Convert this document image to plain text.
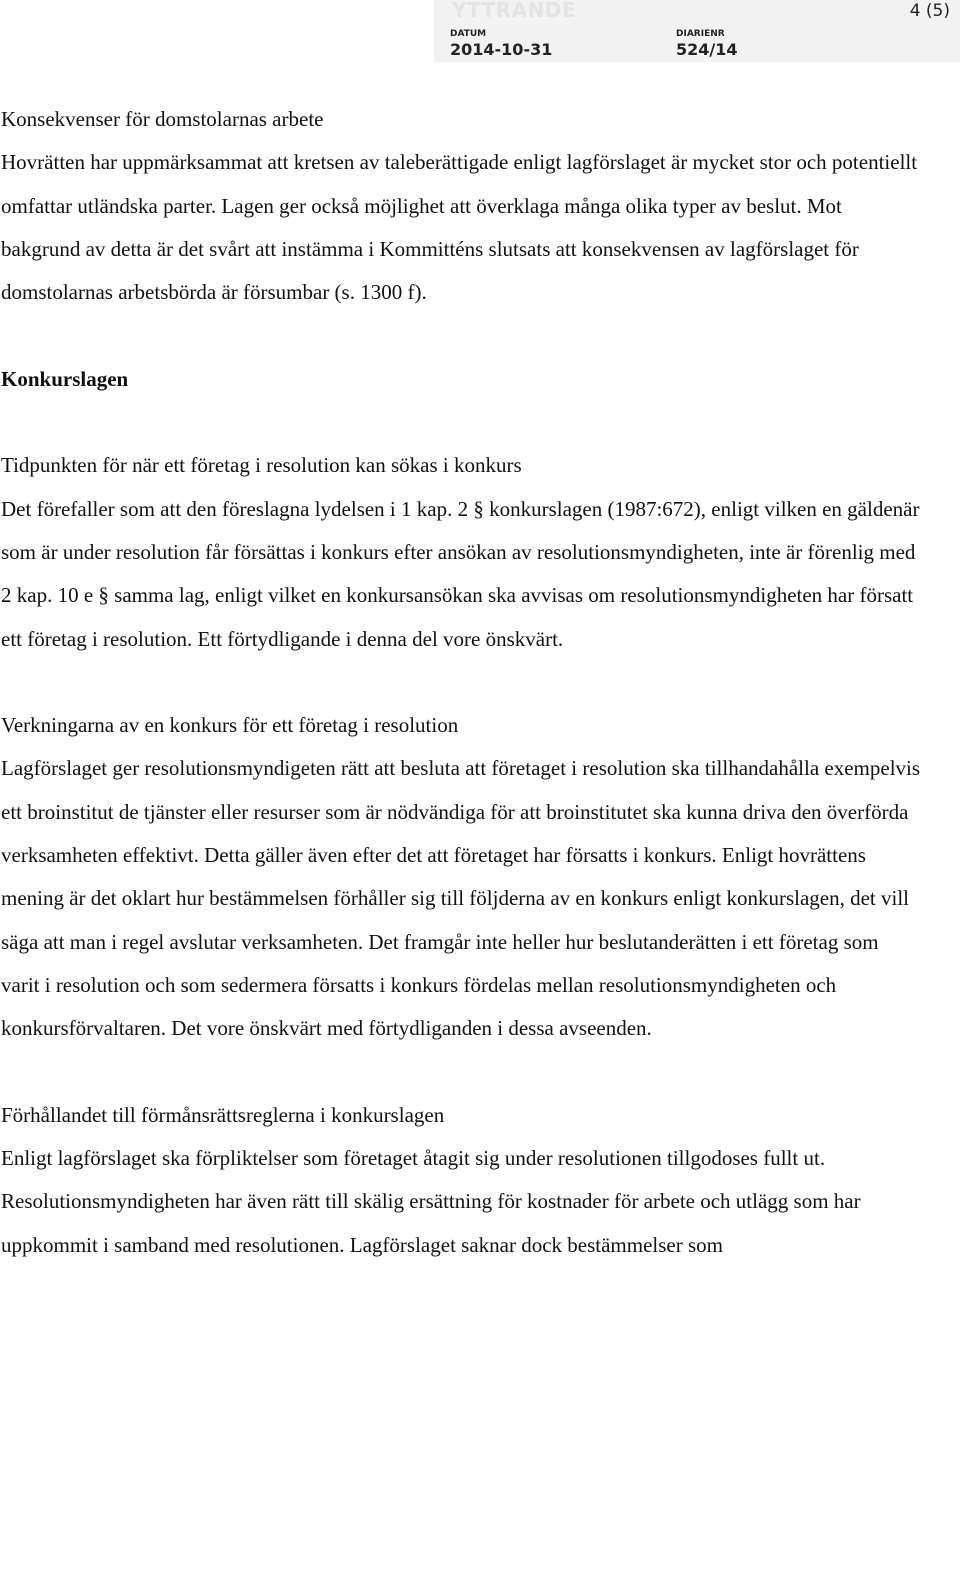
YTTRANDE	4 (5)
DATUM
2014-10-31
DIARIENR
524/14

Konsekvenser för domstolarnas arbete

Hovrätten har uppmärksammat att kretsen av taleberättigade enligt lagförslaget är mycket stor och potentiellt omfattar utländska parter. Lagen ger också möjlighet att överklaga många olika typer av beslut. Mot bakgrund av detta är det svårt att instämma i Kommitténs slutsats att konsekvensen av lagförslaget för domstolarnas arbetsbörda är försumbar (s. 1300 f).

Konkurslagen

Tidpunkten för när ett företag i resolution kan sökas i konkurs

Det förefaller som att den föreslagna lydelsen i 1 kap. 2 § konkurslagen (1987:672), enligt vilken en gäldenär som är under resolution får försättas i konkurs efter ansökan av resolutionsmyndigheten, inte är förenlig med 2 kap. 10 e § samma lag, enligt vilket en konkursansökan ska avvisas om resolutionsmyndigheten har försatt ett företag i resolution. Ett förtydligande i denna del vore önskvärt.

Verkningarna av en konkurs för ett företag i resolution

Lagförslaget ger resolutionsmyndigeten rätt att besluta att företaget i resolution ska tillhandahålla exempelvis ett broinstitut de tjänster eller resurser som är nödvändiga för att broinstitutet ska kunna driva den överförda verksamheten effektivt. Detta gäller även efter det att företaget har försatts i konkurs. Enligt hovrättens mening är det oklart hur bestämmelsen förhåller sig till följderna av en konkurs enligt konkurslagen, det vill säga att man i regel avslutar verksamheten. Det framgår inte heller hur beslutanderätten i ett företag som varit i resolution och som sedermera försatts i konkurs fördelas mellan resolutionsmyndigheten och konkursförvaltaren. Det vore önskvärt med förtydliganden i dessa avseenden.

Förhållandet till förmånsrättsreglerna i konkurslagen

Enligt lagförslaget ska förpliktelser som företaget åtagit sig under resolutionen tillgodoses fullt ut. Resolutionsmyndigheten har även rätt till skälig ersättning för kostnader för arbete och utlägg som har uppkommit i samband med resolutionen. Lagförslaget saknar dock bestämmelser som
